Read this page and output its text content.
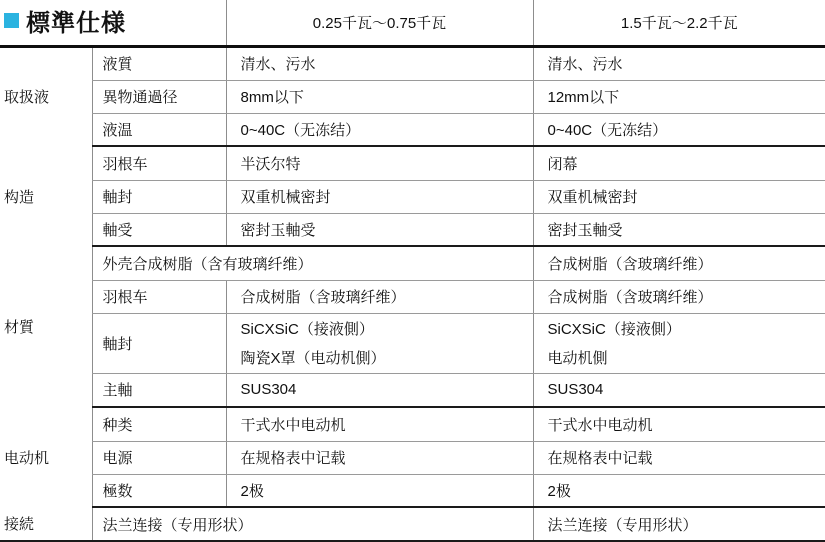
標準仕様		0.25千瓦〜0.75千瓦	1.5千瓦〜2.2千瓦
取扱液	液質	清水、污水	清水、污水
	異物通過径	8mm以下	12mm以下
	液温	0~40C（无冻结）	0~40C（无冻结）
构造	羽根车	半沃尔特	闭幕
	軸封	双重机械密封	双重机械密封
	軸受	密封玉軸受	密封玉軸受
材質	外壳合成树脂（含有玻璃纤维）		合成树脂（含玻璃纤维）
	羽根车	合成树脂（含玻璃纤维）	合成树脂（含玻璃纤维）
	軸封	SiCXSiC（接液側）	SiCXSiC（接液側）
		陶瓷X罩（电动机側）	电动机側
	主軸	SUS304	SUS304
电动机	种类	干式水中电动机	干式水中电动机
	电源	在规格表中记载	在规格表中记载
	極数	2极	2极
接続	法兰连接（专用形状）		法兰连接（专用形状）
